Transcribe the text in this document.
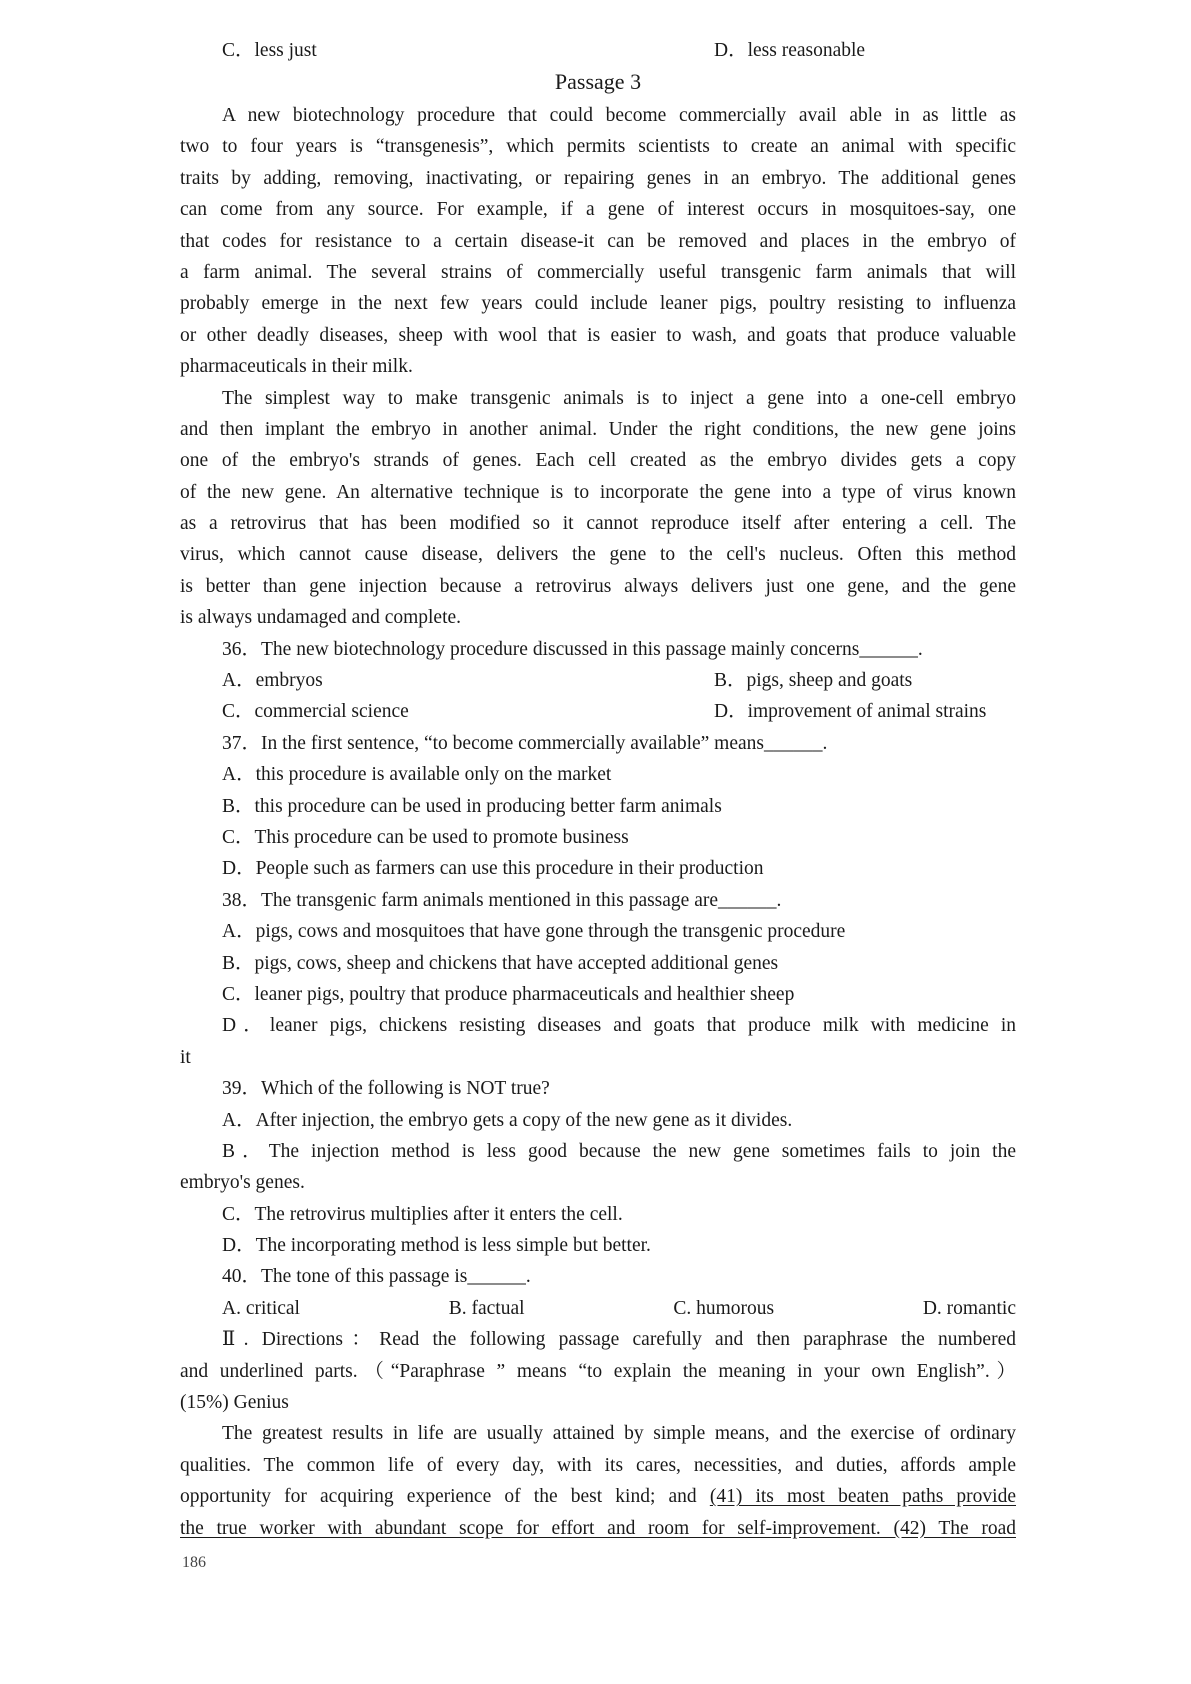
C．less just	D．less reasonable
Passage 3
A new biotechnology procedure that could become commercially avail able in as little as
two to four years is “transgenesis”, which permits scientists to create an animal with specific
traits by adding, removing, inactivating, or repairing genes in an embryo. The additional genes
can come from any source. For example, if a gene of interest occurs in mosquitoes-say, one
that codes for resistance to a certain disease-it can be removed and places in the embryo of
a farm animal. The several strains of commercially useful transgenic farm animals that will
probably emerge in the next few years could include leaner pigs, poultry resisting to influenza
or other deadly diseases, sheep with wool that is easier to wash, and goats that produce valuable
pharmaceuticals in their milk.
The simplest way to make transgenic animals is to inject a gene into a one-cell embryo
and then implant the embryo in another animal. Under the right conditions, the new gene joins
one of the embryo's strands of genes. Each cell created as the embryo divides gets a copy
of the new gene. An alternative technique is to incorporate the gene into a type of virus known
as a retrovirus that has been modified so it cannot reproduce itself after entering a cell. The
virus, which cannot cause disease, delivers the gene to the cell's nucleus. Often this method
is better than gene injection because a retrovirus always delivers just one gene, and the gene
is always undamaged and complete.
36．The new biotechnology procedure discussed in this passage mainly concerns______.
A．embryos	B．pigs, sheep and goats
C．commercial science	D．improvement of animal strains
37．In the first sentence, “to become commercially available” means______.
A．this procedure is available only on the market
B．this procedure can be used in producing better farm animals
C．This procedure can be used to promote business
D．People such as farmers can use this procedure in their production
38．The transgenic farm animals mentioned in this passage are______.
A．pigs, cows and mosquitoes that have gone through the transgenic procedure
B．pigs, cows, sheep and chickens that have accepted additional genes
C．leaner pigs, poultry that produce pharmaceuticals and healthier sheep
D．leaner pigs, chickens resisting diseases and goats that produce milk with medicine in
it
39．Which of the following is NOT true?
A．After injection, the embryo gets a copy of the new gene as it divides.
B．The injection method is less good because the new gene sometimes fails to join the
embryo's genes.
C．The retrovirus multiplies after it enters the cell.
D．The incorporating method is less simple but better.
40．The tone of this passage is______.
A. critical	B. factual	C. humorous	D. romantic
Ⅱ. Directions：Read the following passage carefully and then paraphrase the numbered
and underlined parts.（“Paraphrase ” means “to explain the meaning in your own English”.）
(15%) Genius
The greatest results in life are usually attained by simple means, and the exercise of ordinary
qualities. The common life of every day, with its cares, necessities, and duties, affords ample
opportunity for acquiring experience of the best kind; and (41) its most beaten paths provide
the true worker with abundant scope for effort and room for self-improvement. (42) The road
186
